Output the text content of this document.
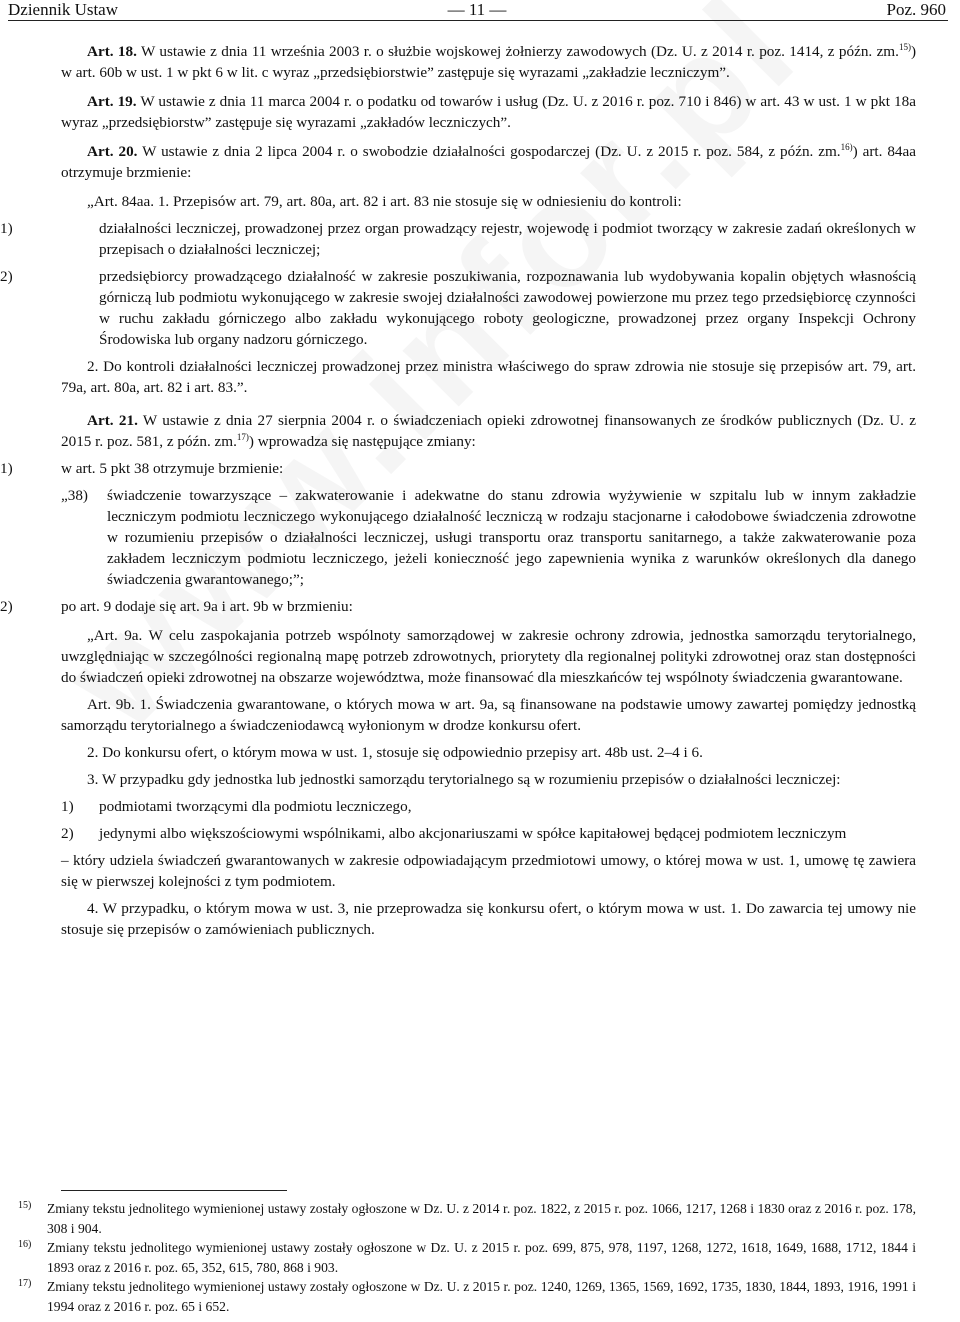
Dziennik Ustaw	— 11 —	Poz. 960

Art. 18. W ustawie z dnia 11 września 2003 r. o służbie wojskowej żołnierzy zawodowych (Dz. U. z 2014 r. poz. 1414, z późn. zm.$^{15)}$) w art. 60b w ust. 1 w pkt 6 w lit. c wyraz „przedsiębiorstwie” zastępuje się wyrazami „zakładzie leczniczym”.

Art. 19. W ustawie z dnia 11 marca 2004 r. o podatku od towarów i usług (Dz. U. z 2016 r. poz. 710 i 846) w art. 43 w ust. 1 w pkt 18a wyraz „przedsiębiorstw” zastępuje się wyrazami „zakładów leczniczych”.

Art. 20. W ustawie z dnia 2 lipca 2004 r. o swobodzie działalności gospodarczej (Dz. U. z 2015 r. poz. 584, z późn. zm.$^{16)}$) art. 84aa otrzymuje brzmienie:

„Art. 84aa. 1. Przepisów art. 79, art. 80a, art. 82 i art. 83 nie stosuje się w odniesieniu do kontroli:

1)	działalności leczniczej, prowadzonej przez organ prowadzący rejestr, wojewodę i podmiot tworzący w zakresie zadań określonych w przepisach o działalności leczniczej;
2)	przedsiębiorcy prowadzącego działalność w zakresie poszukiwania, rozpoznawania lub wydobywania kopalin objętych własnością górniczą lub podmiotu wykonującego w zakresie swojej działalności zawodowej powierzone mu przez tego przedsiębiorcę czynności w ruchu zakładu górniczego albo zakładu wykonującego roboty geologiczne, prowadzonej przez organy Inspekcji Ochrony Środowiska lub organy nadzoru górniczego.

2. Do kontroli działalności leczniczej prowadzonej przez ministra właściwego do spraw zdrowia nie stosuje się przepisów art. 79, art. 79a, art. 80a, art. 82 i art. 83.”.

Art. 21. W ustawie z dnia 27 sierpnia 2004 r. o świadczeniach opieki zdrowotnej finansowanych ze środków publicznych (Dz. U. z 2015 r. poz. 581, z późn. zm.$^{17)}$) wprowadza się następujące zmiany:

1)	w art. 5 pkt 38 otrzymuje brzmienie:
„38)	świadczenie towarzyszące – zakwaterowanie i adekwatne do stanu zdrowia wyżywienie w szpitalu lub w innym zakładzie leczniczym podmiotu leczniczego wykonującego działalność leczniczą w rodzaju stacjonarne i całodobowe świadczenia zdrowotne w rozumieniu przepisów o działalności leczniczej, usługi transportu oraz transportu sanitarnego, a także zakwaterowanie poza zakładem leczniczym podmiotu leczniczego, jeżeli konieczność jego zapewnienia wynika z warunków określonych dla danego świadczenia gwarantowanego;”;
2)	po art. 9 dodaje się art. 9a i art. 9b w brzmieniu:

„Art. 9a. W celu zaspokajania potrzeb wspólnoty samorządowej w zakresie ochrony zdrowia, jednostka samorządu terytorialnego, uwzględniając w szczególności regionalną mapę potrzeb zdrowotnych, priorytety dla regionalnej polityki zdrowotnej oraz stan dostępności do świadczeń opieki zdrowotnej na obszarze województwa, może finansować dla mieszkańców tej wspólnoty świadczenia gwarantowane.

Art. 9b. 1. Świadczenia gwarantowane, o których mowa w art. 9a, są finansowane na podstawie umowy zawartej pomiędzy jednostką samorządu terytorialnego a świadczeniodawcą wyłonionym w drodze konkursu ofert.

2. Do konkursu ofert, o którym mowa w ust. 1, stosuje się odpowiednio przepisy art. 48b ust. 2–4 i 6.

3. W przypadku gdy jednostka lub jednostki samorządu terytorialnego są w rozumieniu przepisów o działalności leczniczej:

1)	podmiotami tworzącymi dla podmiotu leczniczego,
2)	jedynymi albo większościowymi wspólnikami, albo akcjonariuszami w spółce kapitałowej będącej podmiotem leczniczym

– który udziela świadczeń gwarantowanych w zakresie odpowiadającym przedmiotowi umowy, o której mowa w ust. 1, umowę tę zawiera się w pierwszej kolejności z tym podmiotem.

4. W przypadku, o którym mowa w ust. 3, nie przeprowadza się konkursu ofert, o którym mowa w ust. 1. Do zawarcia tej umowy nie stosuje się przepisów o zamówieniach publicznych.

15) Zmiany tekstu jednolitego wymienionej ustawy zostały ogłoszone w Dz. U. z 2014 r. poz. 1822, z 2015 r. poz. 1066, 1217, 1268 i 1830 oraz z 2016 r. poz. 178, 308 i 904.
16) Zmiany tekstu jednolitego wymienionej ustawy zostały ogłoszone w Dz. U. z 2015 r. poz. 699, 875, 978, 1197, 1268, 1272, 1618, 1649, 1688, 1712, 1844 i 1893 oraz z 2016 r. poz. 65, 352, 615, 780, 868 i 903.
17) Zmiany tekstu jednolitego wymienionej ustawy zostały ogłoszone w Dz. U. z 2015 r. poz. 1240, 1269, 1365, 1569, 1692, 1735, 1830, 1844, 1893, 1916, 1991 i 1994 oraz z 2016 r. poz. 65 i 652.
